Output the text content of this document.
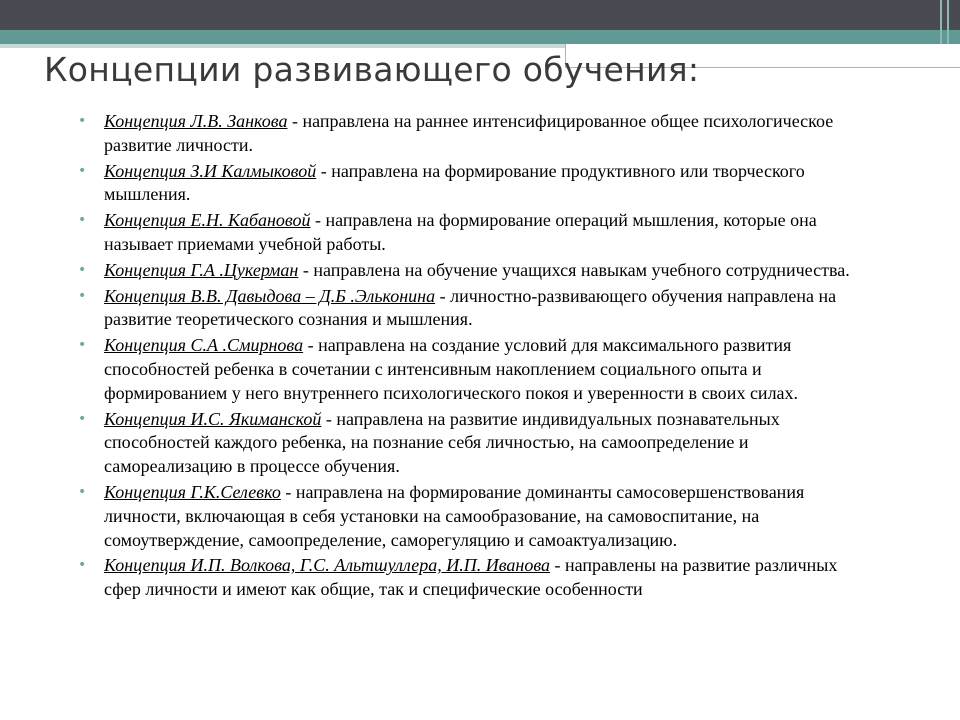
Концепции развивающего обучения:
• Концепция Л.В. Занкова - направлена на раннее интенсифицированное общее психологическое развитие личности.
• Концепция З.И Калмыковой - направлена на формирование продуктивного или творческого мышления.
• Концепция Е.Н. Кабановой - направлена на формирование операций мышления, которые она называет приемами учебной работы.
• Концепция Г.А .Цукерман - направлена на обучение учащихся навыкам учебного сотрудничества.
• Концепция В.В. Давыдова – Д.Б .Эльконина - личностно-развивающего обучения направлена на развитие теоретического сознания и мышления.
• Концепция С.А .Смирнова - направлена на создание условий для максимального развития способностей ребенка в сочетании с интенсивным накоплением социального опыта и формированием у него внутреннего психологического покоя и уверенности в своих силах.
• Концепция И.С. Якиманской - направлена на развитие индивидуальных познавательных способностей каждого ребенка, на познание себя личностью, на самоопределение и самореализацию в процессе обучения.
• Концепция Г.К.Селевко - направлена на формирование доминанты самосовершенствования личности, включающая в себя установки на самообразование, на самовоспитание, на сомоутверждение, самоопределение, саморегуляцию и самоактуализацию.
• Концепция И.П. Волкова, Г.С. Альтшуллера, И.П. Иванова - направлены на развитие различных сфер личности и имеют как общие, так и специфические особенности
